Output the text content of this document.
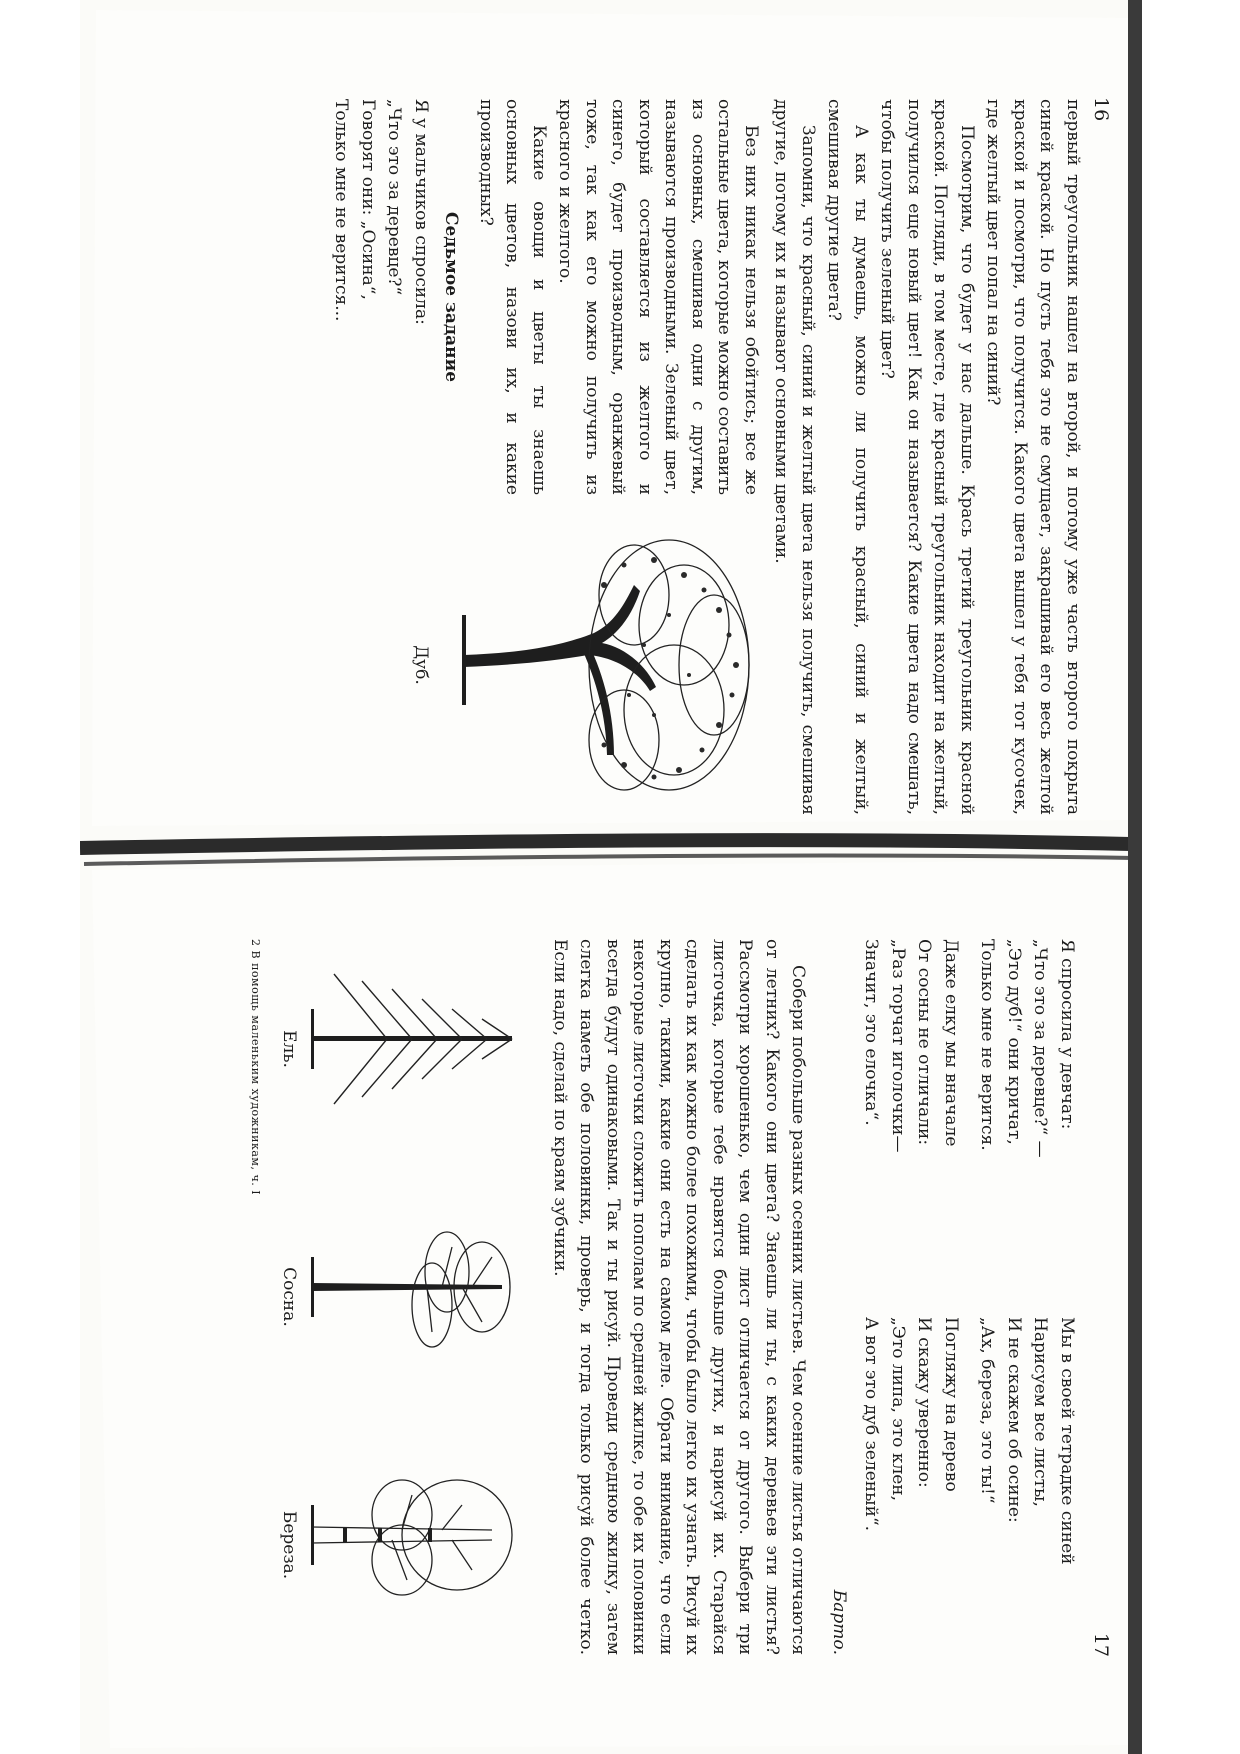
16

первый треугольник нашел на второй, и потому уже часть второго покрыта синей краской. Но пусть тебя это не смущает, закрашивай его весь желтой краской и посмотри, что получится. Какого цвета вышел у тебя тот кусочек, где желтый цвет попал на синий?

Посмотрим, что будет у нас дальше. Крась третий треугольник красной краской. Погляди, в том месте, где красный треугольник находит на желтый, получился еще новый цвет! Как он называется? Какие цвета надо смешать, чтобы получить зеленый цвет?

А как ты думаешь, можно ли получить красный, синий и желтый, смешивая другие цвета?

Запомни, что красный, синий и желтый цвета нельзя получить, смешивая другие, потому их и называют основными цветами.

Без них никак нельзя обойтись; все же остальные цвета, которые можно составить из основных, смешивая одни с другим, называются производными. Зеленый цвет, который составляется из желтого и синего, будет производным, оранжевый тоже, так как его можно получить из красного и желтого.

Какие овощи и цветы ты знаешь основных цветов, назови их, и какие производных?

Седьмое задание
Я у мальчиков спросила:
„Что это за деревце?“
Говорят они: „Осина“,
Только мне не верится...
Дуб.
17
Я спросила у девчат:
„Что это за деревце?“ —
„Это дуб!“ они кричат,
Только мне не верится.
Даже елку мы вначале
От сосны не отличали:
„Раз торчат иголочки—
Значит, это елочка“.
Мы в своей тетрадке синей
Нарисуем все листы,
И не скажем об осине:
„Ах, береза, это ты!“
Погляжу на дерево
И скажу уверенно:
„Это липа, это клен,
А вот это дуб зеленый“.
Барто.

Собери побольше разных осенних листьев. Чем осенние листья отличаются от летних? Какого они цвета? Знаешь ли ты, с каких деревьев эти листья? Рассмотри хорошенько, чем один лист отличается от другого. Выбери три листочка, которые тебе нравятся больше других, и нарисуй их. Старайся сделать их как можно более похожими, чтобы было легко их узнать. Рисуй их крупно, такими, какие они есть на самом деле. Обрати внимание, что если некоторые листочки сложить пополам по средней жилке, то обе их половинки всегда будут одинаковыми. Так и ты рисуй. Проведи среднюю жилку, затем слегка наметь обе половинки, проверь, и тогда только рисуй более четко. Если надо, сделай по краям зубчики.

Ель.
Сосна.
Береза.
2 В помощь маленьким художникам, ч. I
